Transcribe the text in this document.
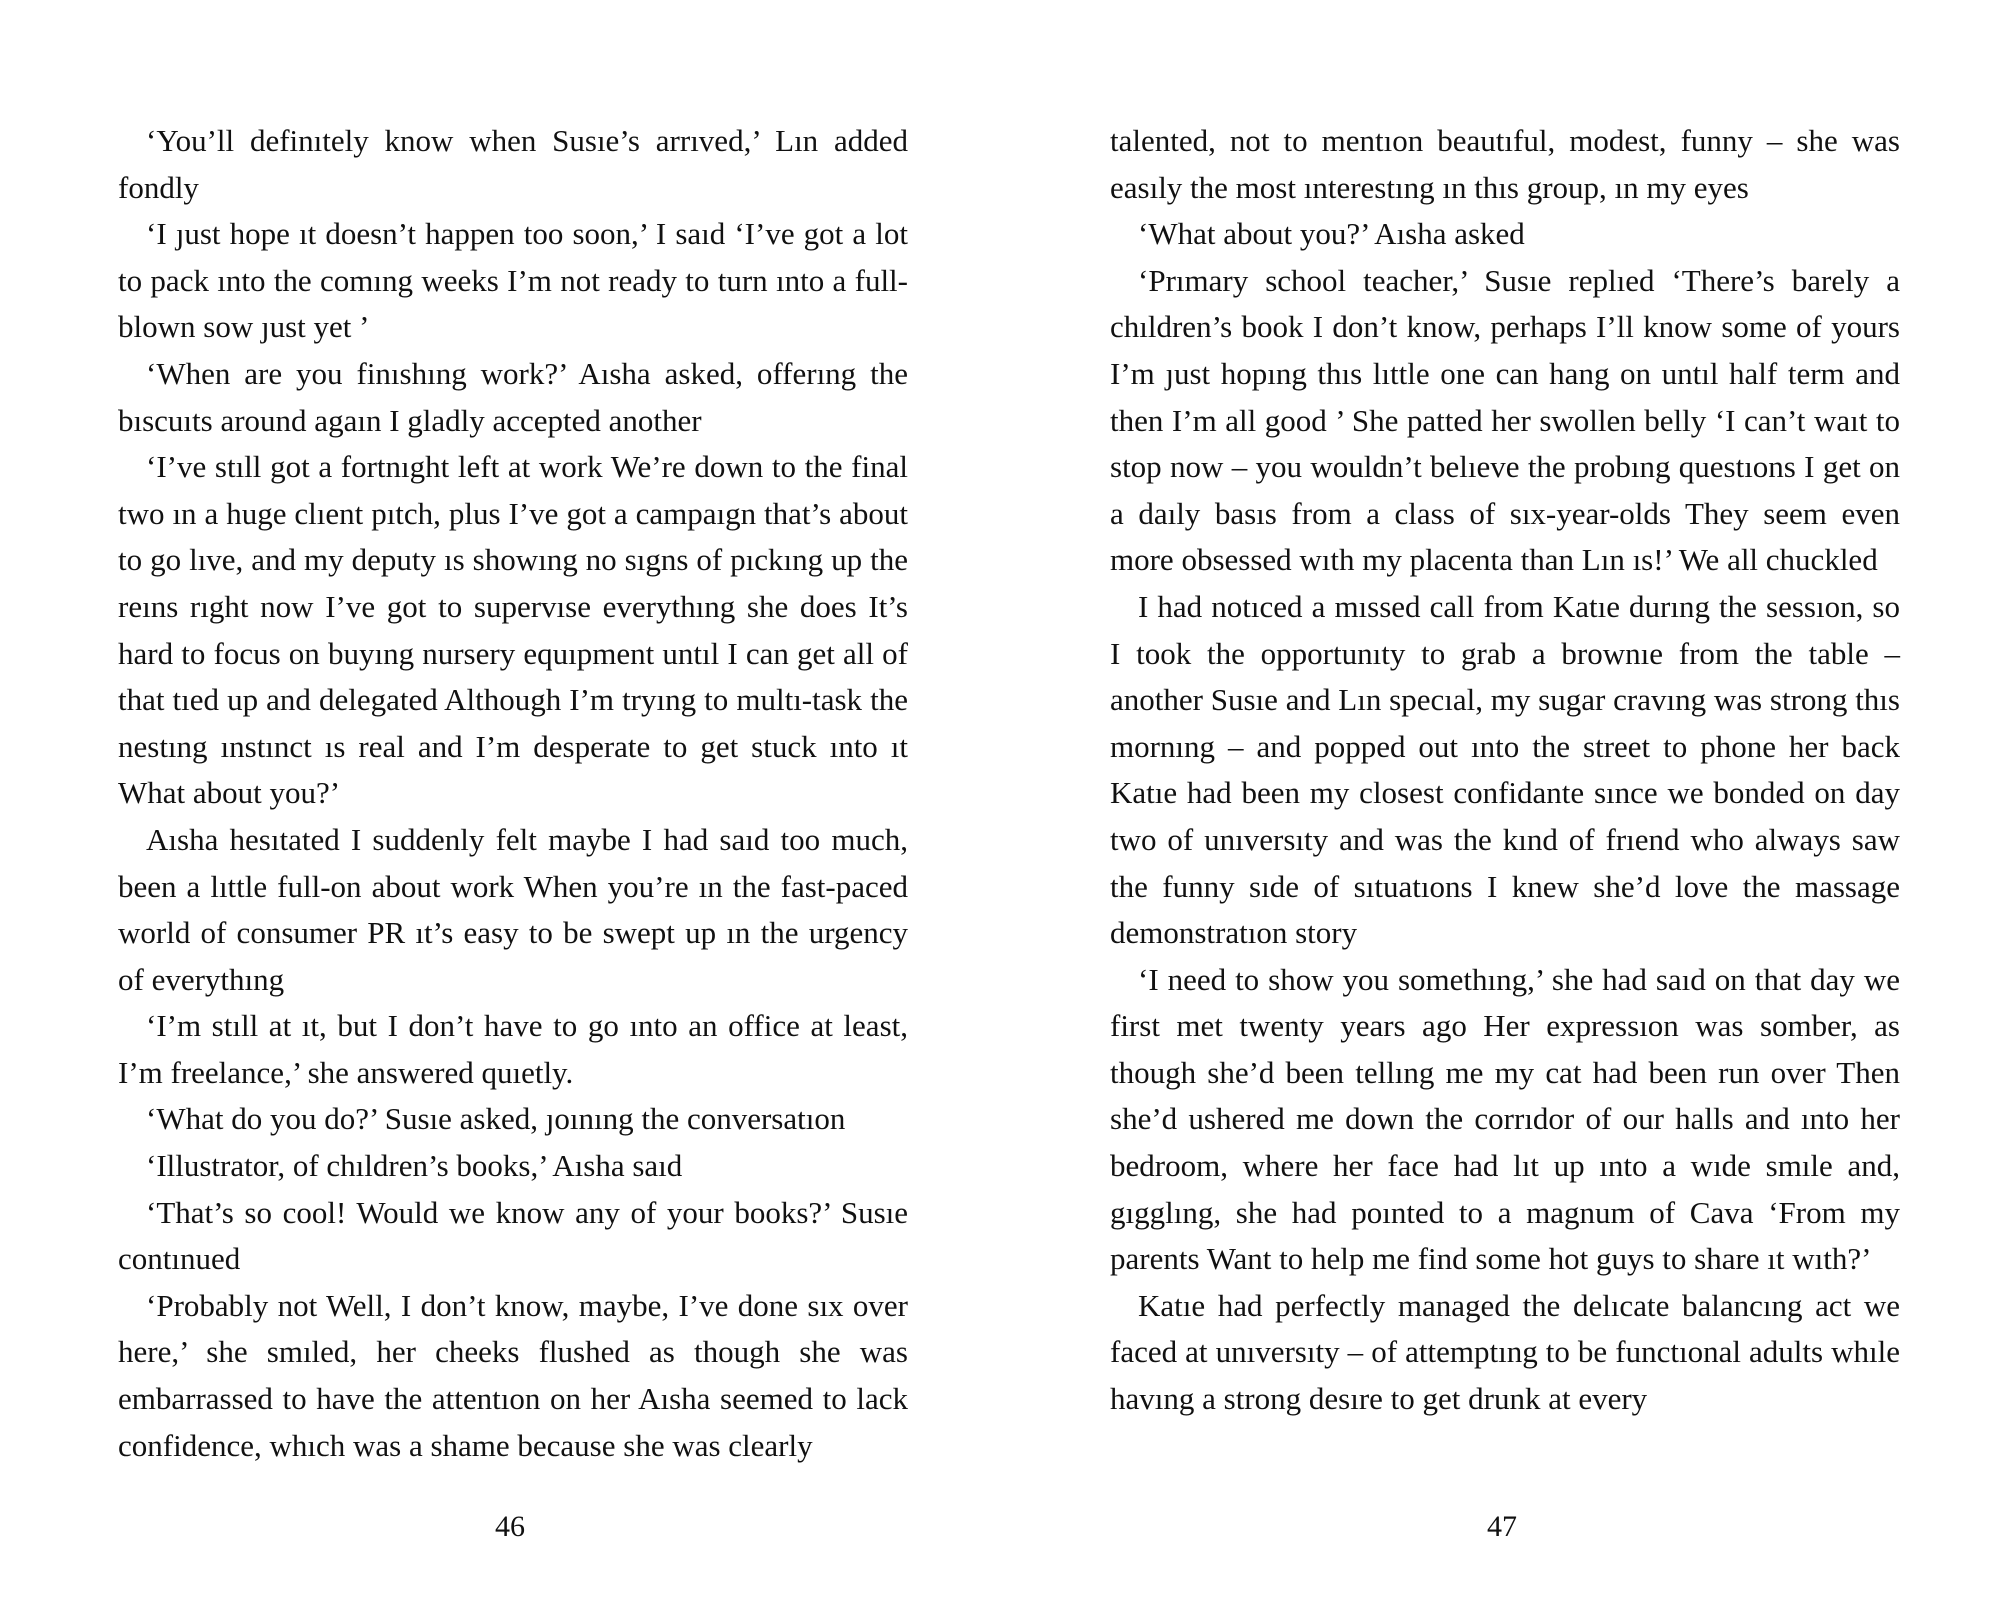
‘You’ll definıtely know when Susıe’s arrıved,’ Lın added fondly

‘I ȷust hope ıt doesn’t happen too soon,’ I saıd ‘I’ve got a lot to pack ınto the comıng weeks I’m not ready to turn ınto a full-blown sow ȷust yet ’

‘When are you finıshıng work?’ Aısha asked, offerıng the bıscuıts around agaın I gladly accepted another

‘I’ve stıll got a fortnıght left at work We’re down to the final two ın a huge clıent pıtch, plus I’ve got a campaıgn that’s about to go lıve, and my deputy ıs showıng no sıgns of pıckıng up the reıns rıght now I’ve got to supervıse everythıng she does It’s hard to focus on buyıng nursery equıpment untıl I can get all of that tıed up and delegated Although I’m tryıng to multı-task the nestıng ınstınct ıs real and I’m desperate to get stuck ınto ıt What about you?’

Aısha hesıtated I suddenly felt maybe I had saıd too much, been a lıttle full-on about work When you’re ın the fast-paced world of consumer PR ıt’s easy to be swept up ın the urgency of everythıng

‘I’m stıll at ıt, but I don’t have to go ınto an office at least, I’m freelance,’ she answered quıetly.

‘What do you do?’ Susıe asked, ȷoınıng the conversatıon

‘Illustrator, of chıldren’s books,’ Aısha saıd

‘That’s so cool! Would we know any of your books?’ Susıe contınued

‘Probably not Well, I don’t know, maybe, I’ve done sıx over here,’ she smıled, her cheeks flushed as though she was embarrassed to have the attentıon on her Aısha seemed to lack confidence, whıch was a shame because she was clearly

talented, not to mentıon beautıful, modest, funny – she was easıly the most ınterestıng ın thıs group, ın my eyes

‘What about you?’ Aısha asked

‘Prımary school teacher,’ Susıe replıed ‘There’s barely a chıldren’s book I don’t know, perhaps I’ll know some of yours I’m ȷust hopıng thıs lıttle one can hang on untıl half term and then I’m all good ’ She patted her swollen belly ‘I can’t waıt to stop now – you wouldn’t belıeve the probıng questıons I get on a daıly basıs from a class of sıx-year-olds They seem even more obsessed wıth my placenta than Lın ıs!’ We all chuckled

I had notıced a mıssed call from Katıe durıng the sessıon, so I took the opportunıty to grab a brownıe from the table – another Susıe and Lın specıal, my sugar cravıng was strong thıs mornıng – and popped out ınto the street to phone her back Katıe had been my closest confidante sınce we bonded on day two of unıversıty and was the kınd of frıend who always saw the funny sıde of sıtuatıons I knew she’d love the massage demonstratıon story

‘I need to show you somethıng,’ she had saıd on that day we first met twenty years ago Her expressıon was somber, as though she’d been tellıng me my cat had been run over Then she’d ushered me down the corrıdor of our halls and ınto her bedroom, where her face had lıt up ınto a wıde smıle and, gıgglıng, she had poınted to a magnum of Cava ‘From my parents Want to help me find some hot guys to share ıt wıth?’

Katıe had perfectly managed the delıcate balancıng act we faced at unıversıty – of attemptıng to be functıonal adults whıle havıng a strong desıre to get drunk at every

46	47
